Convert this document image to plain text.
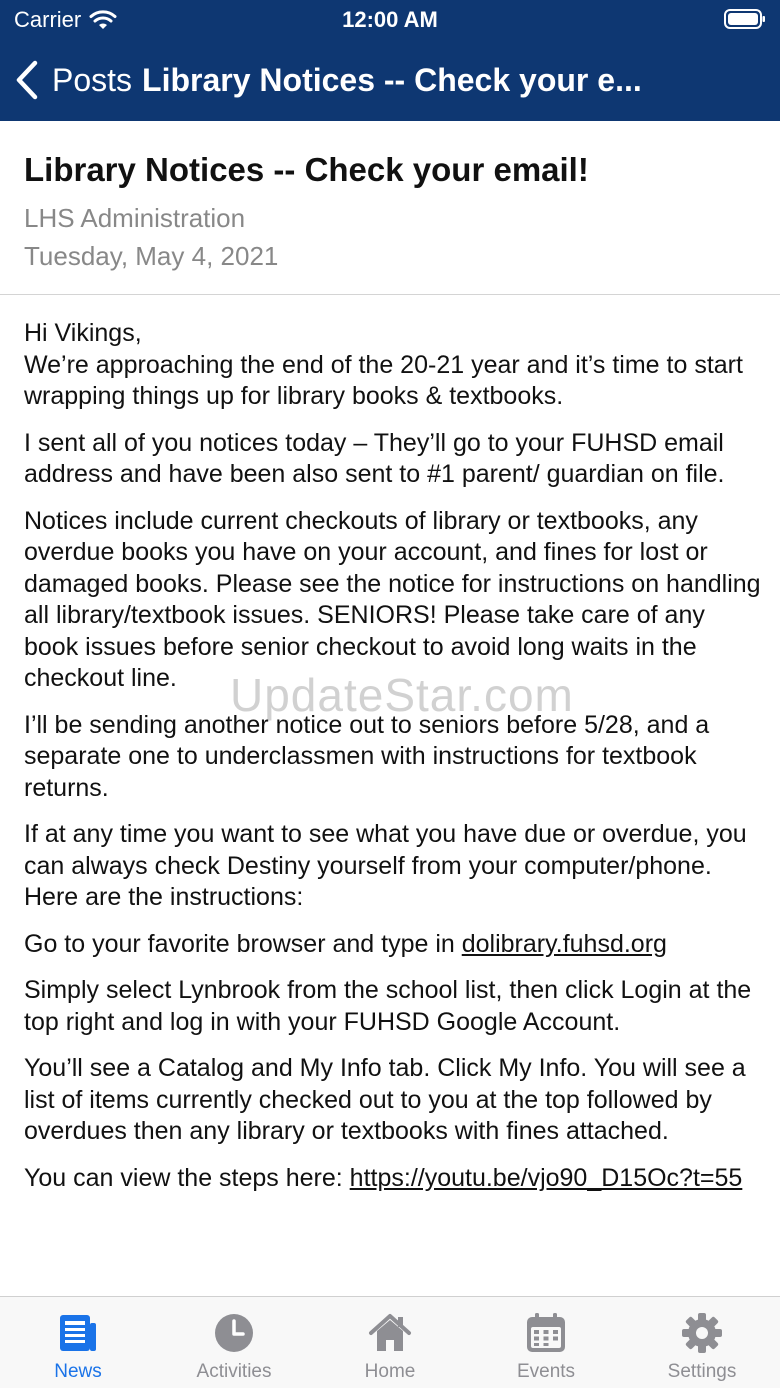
Carrier	12:00 AM
Posts Library Notices -- Check your e...
Library Notices -- Check your email!
LHS Administration
Tuesday, May 4, 2021

Hi Vikings,
We’re approaching the end of the 20-21 year and it’s time to start wrapping things up for library books & textbooks.

I sent all of you notices today – They’ll go to your FUHSD email address and have been also sent to #1 parent/ guardian on file.

Notices include current checkouts of library or textbooks, any overdue books you have on your account, and fines for lost or damaged books. Please see the notice for instructions on handling all library/textbook issues. SENIORS! Please take care of any book issues before senior checkout to avoid long waits in the checkout line.

I’ll be sending another notice out to seniors before 5/28, and a separate one to underclassmen with instructions for textbook returns.

If at any time you want to see what you have due or overdue, you can always check Destiny yourself from your computer/phone. Here are the instructions:

Go to your favorite browser and type in dolibrary.fuhsd.org

Simply select Lynbrook from the school list, then click Login at the top right and log in with your FUHSD Google Account.

You’ll see a Catalog and My Info tab. Click My Info. You will see a list of items currently checked out to you at the top followed by overdues then any library or textbooks with fines attached.

You can view the steps here: https://youtu.be/vjo90_D15Oc?t=55

UpdateStar.com
News	Activities	Home	Events	Settings
